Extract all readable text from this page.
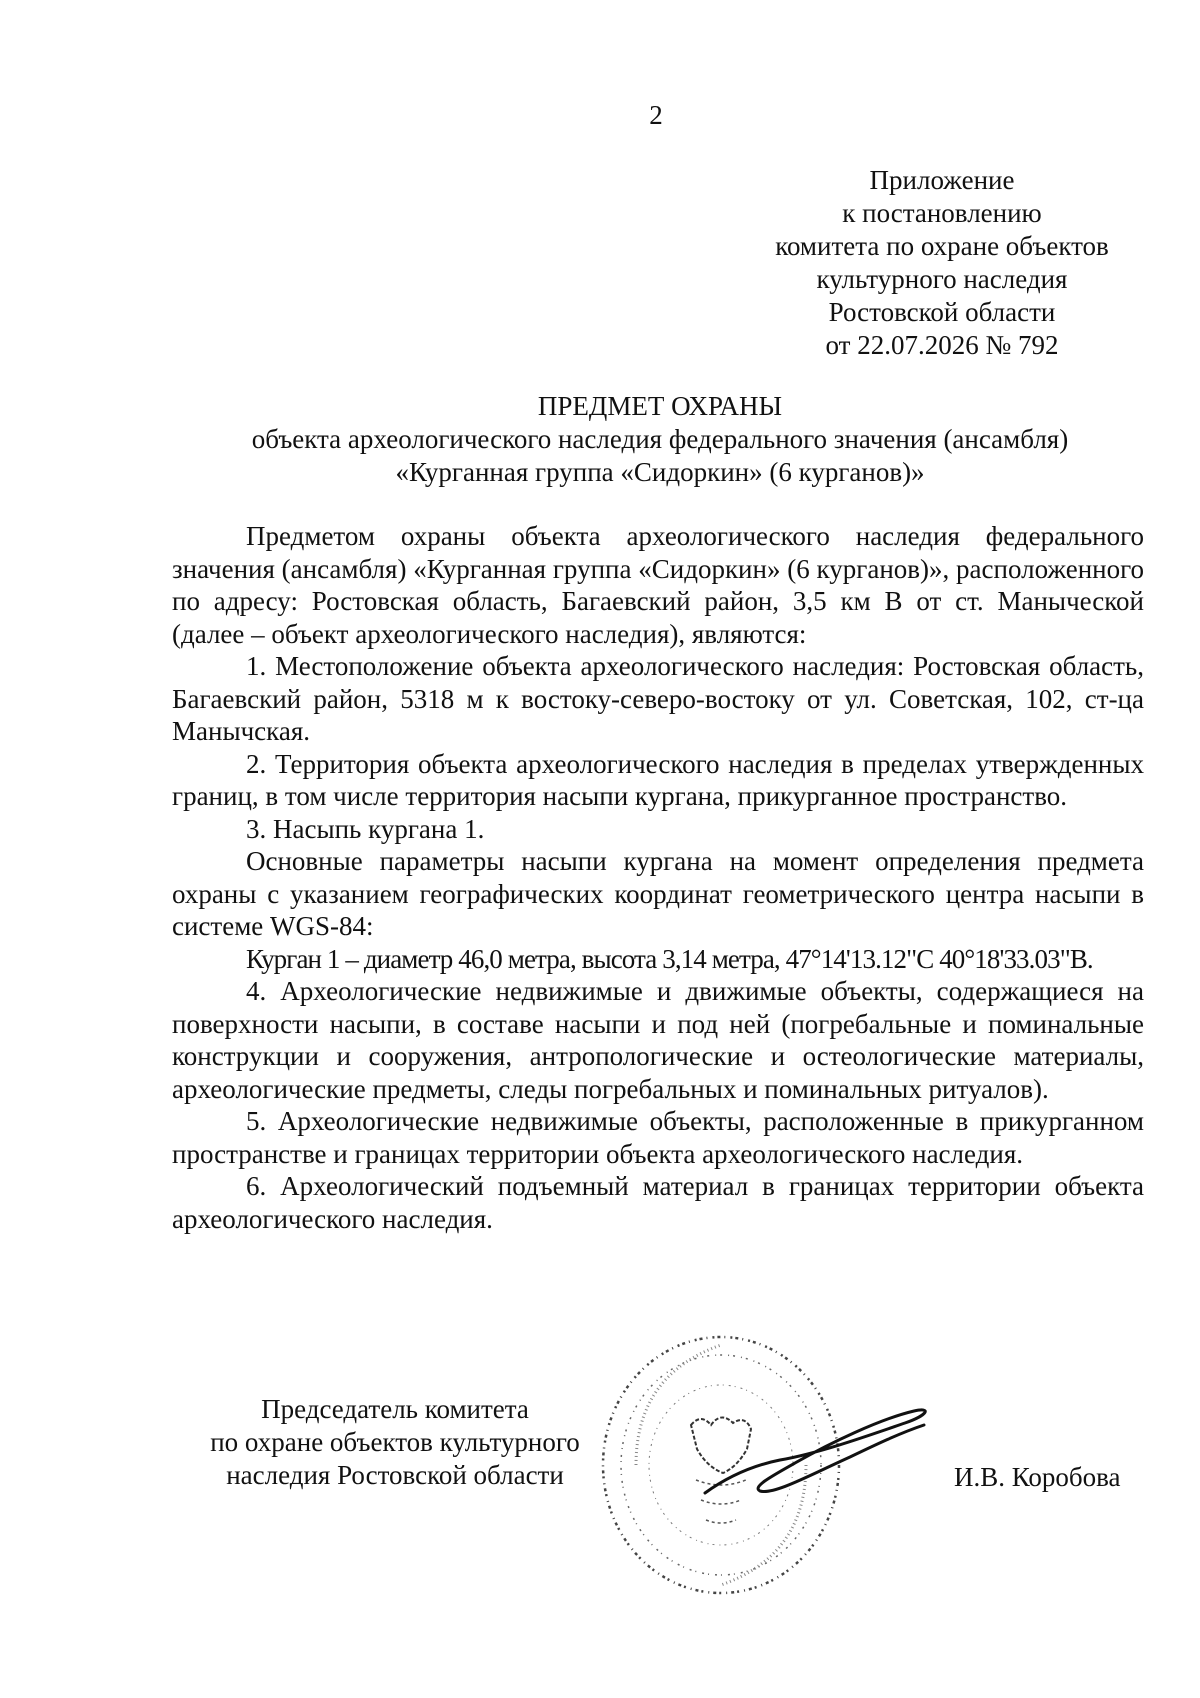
2
Приложение
к постановлению
комитета по охране объектов
культурного наследия
Ростовской области
от 22.07.2026 № 792
ПРЕДМЕТ ОХРАНЫ
объекта археологического наследия федерального значения (ансамбля)
«Курганная группа «Сидоркин» (6 курганов)»

Предметом охраны объекта археологического наследия федерального значения (ансамбля) «Курганная группа «Сидоркин» (6 курганов)», расположенного по адресу: Ростовская область, Багаевский район, 3,5 км В от ст. Маныческой (далее – объект археологического наследия), являются:

1. Местоположение объекта археологического наследия: Ростовская область, Багаевский район, 5318 м к востоку-северо-востоку от ул. Советская, 102, ст-ца Манычская.

2. Территория объекта археологического наследия в пределах утвержденных границ, в том числе территория насыпи кургана, прикурганное пространство.

3. Насыпь кургана 1.

Основные параметры насыпи кургана на момент определения предмета охраны с указанием географических координат геометрического центра насыпи в системе WGS-84:

Курган 1 – диаметр 46,0 метра, высота 3,14 метра, 47°14'13.12"С 40°18'33.03"В.

4. Археологические недвижимые и движимые объекты, содержащиеся на поверхности насыпи, в составе насыпи и под ней (погребальные и поминальные конструкции и сооружения, антропологические и остеологические материалы, археологические предметы, следы погребальных и поминальных ритуалов).

5. Археологические недвижимые объекты, расположенные в прикурганном пространстве и границах территории объекта археологического наследия.

6. Археологический подъемный материал в границах территории объекта археологического наследия.

Председатель комитета
по охране объектов культурного
наследия Ростовской области	И.В. Коробова
